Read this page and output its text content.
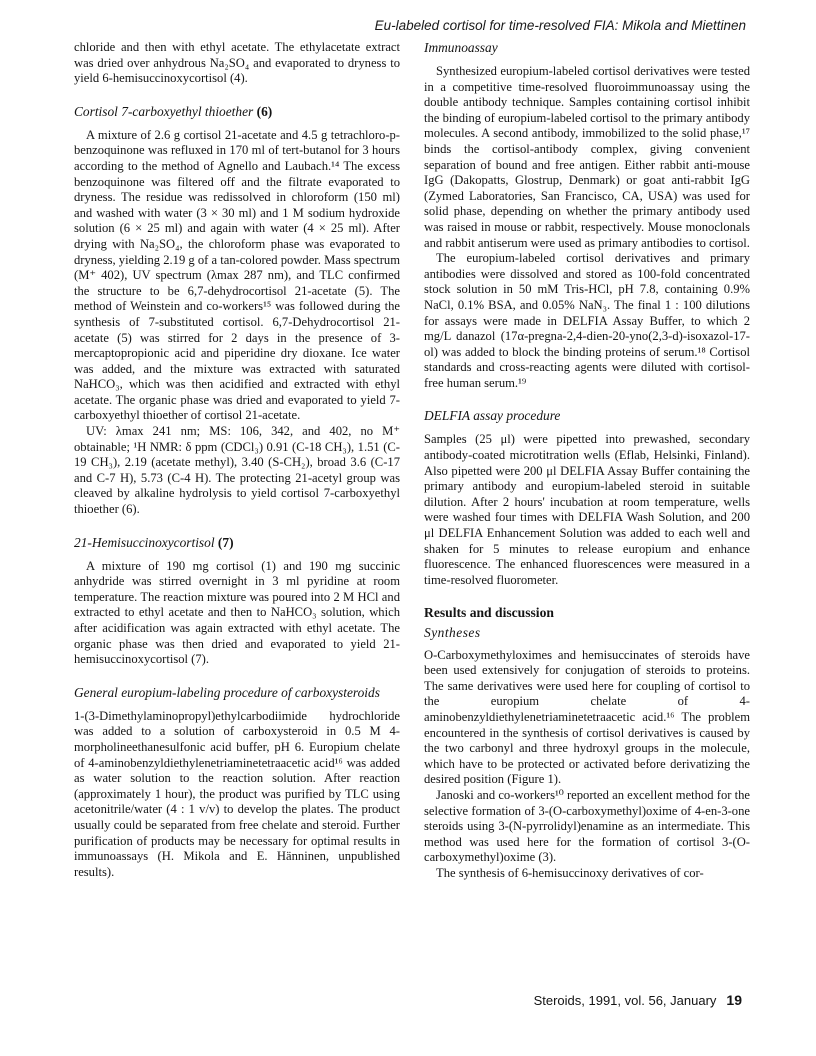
Eu-labeled cortisol for time-resolved FIA: Mikola and Miettinen

chloride and then with ethyl acetate. The ethylacetate extract was dried over anhydrous Na₂SO₄ and evaporated to dryness to yield 6-hemisuccinoxycortisol (4).

Cortisol 7-carboxyethyl thioether (6)

A mixture of 2.6 g cortisol 21-acetate and 4.5 g tetrachloro-p-benzoquinone was refluxed in 170 ml of tert-butanol for 3 hours according to the method of Agnello and Laubach.¹⁴ The excess benzoquinone was filtered off and the filtrate evaporated to dryness. The residue was redissolved in chloroform (150 ml) and washed with water (3 × 30 ml) and 1 M sodium hydroxide solution (6 × 25 ml) and again with water (4 × 25 ml). After drying with Na₂SO₄, the chloroform phase was evaporated to dryness, yielding 2.19 g of a tan-colored powder. Mass spectrum (M⁺ 402), UV spectrum (λmax 287 nm), and TLC confirmed the structure to be 6,7-dehydrocortisol 21-acetate (5). The method of Weinstein and co-workers¹⁵ was followed during the synthesis of 7-substituted cortisol. 6,7-Dehydrocortisol 21-acetate (5) was stirred for 2 days in the presence of 3-mercaptopropionic acid and piperidine dry dioxane. Ice water was added, and the mixture was extracted with saturated NaHCO₃, which was then acidified and extracted with ethyl acetate. The organic phase was dried and evaporated to yield 7-carboxyethyl thioether of cortisol 21-acetate.

UV: λmax 241 nm; MS: 106, 342, and 402, no M⁺ obtainable; ¹H NMR: δ ppm (CDCl₃) 0.91 (C-18 CH₃), 1.51 (C-19 CH₃), 2.19 (acetate methyl), 3.40 (S-CH₂), broad 3.6 (C-17 and C-7 H), 5.73 (C-4 H). The protecting 21-acetyl group was cleaved by alkaline hydrolysis to yield cortisol 7-carboxyethyl thioether (6).

21-Hemisuccinoxycortisol (7)

A mixture of 190 mg cortisol (1) and 190 mg succinic anhydride was stirred overnight in 3 ml pyridine at room temperature. The reaction mixture was poured into 2 M HCl and extracted to ethyl acetate and then to NaHCO₃ solution, which after acidification was again extracted with ethyl acetate. The organic phase was then dried and evaporated to yield 21-hemisuccinoxycortisol (7).

General europium-labeling procedure of carboxysteroids

1-(3-Dimethylaminopropyl)ethylcarbodiimide hydrochloride was added to a solution of carboxysteroid in 0.5 M 4-morpholineethanesulfonic acid buffer, pH 6. Europium chelate of 4-aminobenzyldiethylenetriaminetetraacetic acid¹⁶ was added as water solution to the reaction solution. After reaction (approximately 1 hour), the product was purified by TLC using acetonitrile/water (4 : 1 v/v) to develop the plates. The product usually could be separated from free chelate and steroid. Further purification of products may be necessary for optimal results in immunoassays (H. Mikola and E. Hänninen, unpublished results).

Immunoassay

Synthesized europium-labeled cortisol derivatives were tested in a competitive time-resolved fluoroimmunoassay using the double antibody technique. Samples containing cortisol inhibit the binding of europium-labeled cortisol to the primary antibody molecules. A second antibody, immobilized to the solid phase,¹⁷ binds the cortisol-antibody complex, giving convenient separation of bound and free antigen. Either rabbit anti-mouse IgG (Dakopatts, Glostrup, Denmark) or goat anti-rabbit IgG (Zymed Laboratories, San Francisco, CA, USA) was used for solid phase, depending on whether the primary antibody used was raised in mouse or rabbit, respectively. Mouse monoclonals and rabbit antiserum were used as primary antibodies to cortisol.

The europium-labeled cortisol derivatives and primary antibodies were dissolved and stored as 100-fold concentrated stock solution in 50 mM Tris-HCl, pH 7.8, containing 0.9% NaCl, 0.1% BSA, and 0.05% NaN₃. The final 1 : 100 dilutions for assays were made in DELFIA Assay Buffer, to which 2 mg/L danazol (17α-pregna-2,4-dien-20-yno(2,3-d)-isoxazol-17-ol) was added to block the binding proteins of serum.¹⁸ Cortisol standards and cross-reacting agents were diluted with cortisol-free human serum.¹⁹

DELFIA assay procedure

Samples (25 μl) were pipetted into prewashed, secondary antibody-coated microtitration wells (Eflab, Helsinki, Finland). Also pipetted were 200 μl DELFIA Assay Buffer containing the primary antibody and europium-labeled steroid in suitable dilution. After 2 hours' incubation at room temperature, wells were washed four times with DELFIA Wash Solution, and 200 μl DELFIA Enhancement Solution was added to each well and shaken for 5 minutes to release europium and enhance fluorescence. The enhanced fluorescences were measured in a time-resolved fluorometer.

Results and discussion
Syntheses

O-Carboxymethyloximes and hemisuccinates of steroids have been used extensively for conjugation of steroids to proteins. The same derivatives were used here for coupling of cortisol to the europium chelate of 4-aminobenzyldiethylenetriaminetetraacetic acid.¹⁶ The problem encountered in the synthesis of cortisol derivatives is caused by the two carbonyl and three hydroxyl groups in the molecule, which have to be protected or activated before derivatizing the desired position (Figure 1).

Janoski and co-workers¹⁰ reported an excellent method for the selective formation of 3-(O-carboxymethyl)oxime of 4-en-3-one steroids using 3-(N-pyrrolidyl)enamine as an intermediate. This method was used here for the formation of cortisol 3-(O-carboxymethyl)oxime (3).

The synthesis of 6-hemisuccinoxy derivatives of cor-

Steroids, 1991, vol. 56, January 19
